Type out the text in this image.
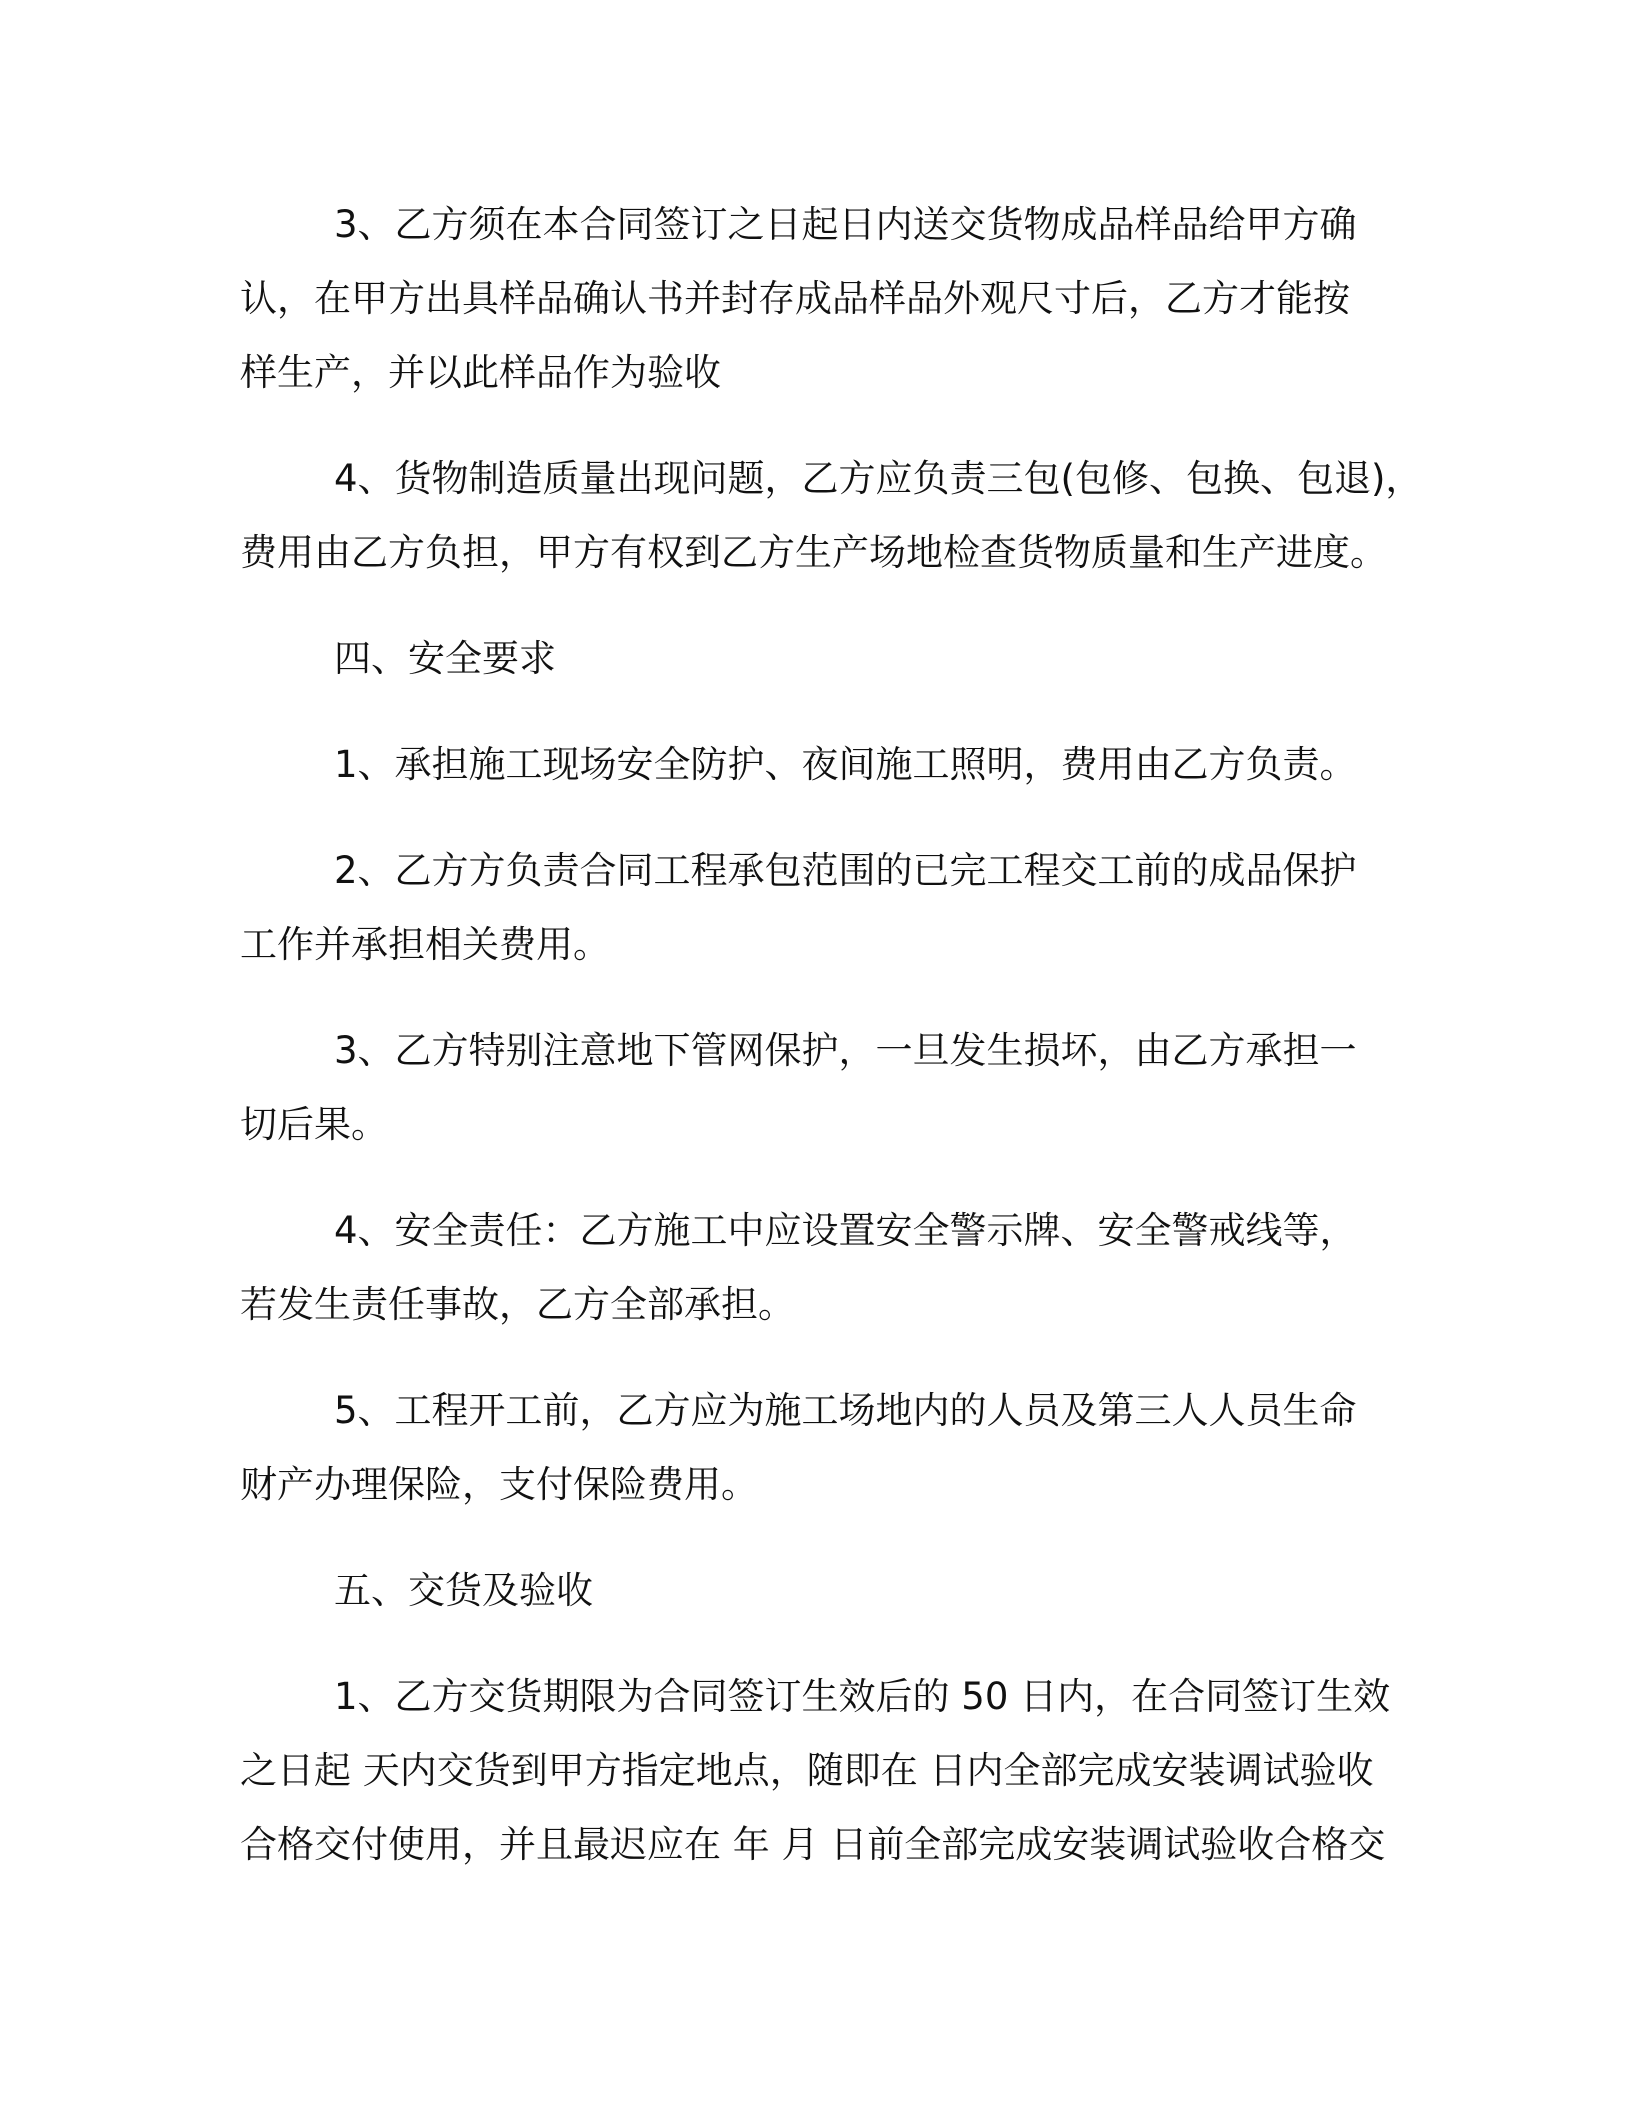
3、乙方须在本合同签订之日起日内送交货物成品样品给甲方确
认，在甲方出具样品确认书并封存成品样品外观尺寸后，乙方才能按
样生产，并以此样品作为验收

4、货物制造质量出现问题，乙方应负责三包(包修、包换、包退)，
费用由乙方负担，甲方有权到乙方生产场地检查货物质量和生产进度。

四、安全要求

1、承担施工现场安全防护、夜间施工照明，费用由乙方负责。

2、乙方方负责合同工程承包范围的已完工程交工前的成品保护
工作并承担相关费用。

3、乙方特别注意地下管网保护，一旦发生损坏，由乙方承担一
切后果。

4、安全责任：乙方施工中应设置安全警示牌、安全警戒线等，
若发生责任事故，乙方全部承担。

5、工程开工前，乙方应为施工场地内的人员及第三人人员生命
财产办理保险，支付保险费用。

五、交货及验收

1、乙方交货期限为合同签订生效后的 50 日内，在合同签订生效
之日起 天内交货到甲方指定地点，随即在 日内全部完成安装调试验收
合格交付使用，并且最迟应在 年 月 日前全部完成安装调试验收合格交
